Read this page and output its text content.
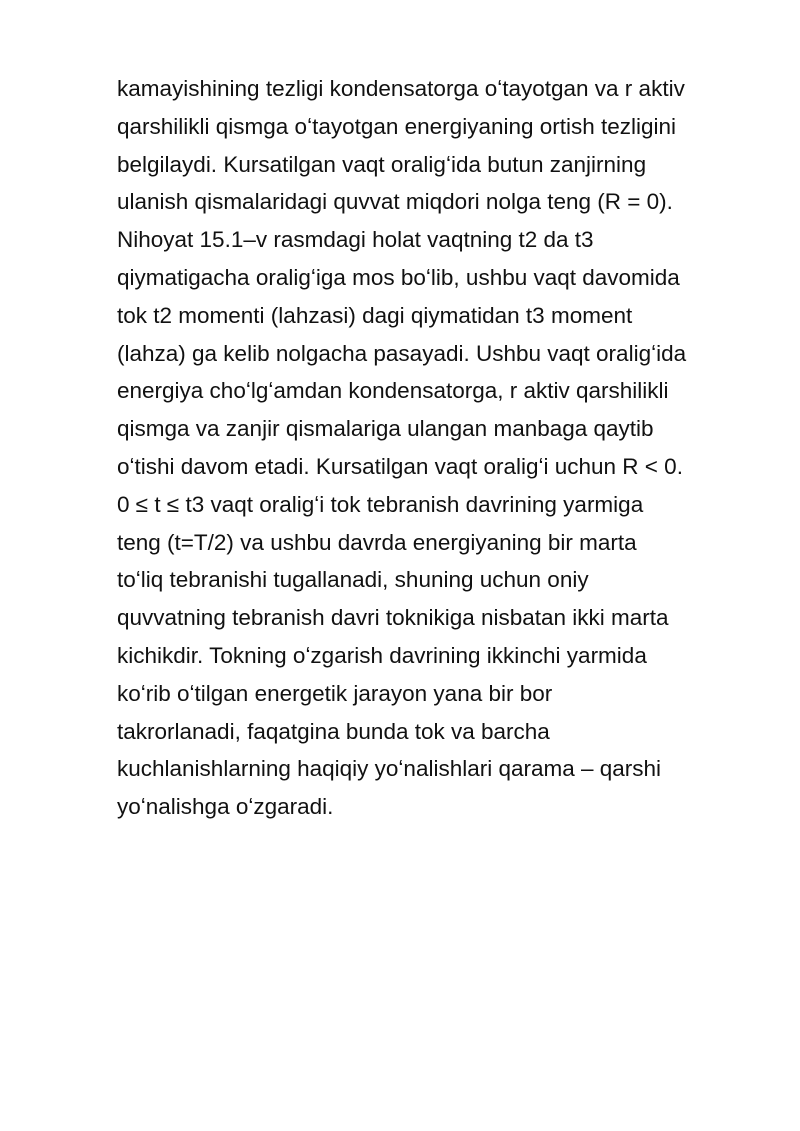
kamayishining tezligi kondensatorga oʻtayotgan va r aktiv
qarshilikli qismga oʻtayotgan energiyaning ortish tezligini
belgilaydi. Kursatilgan vaqt oraligʻida butun zanjirning
ulanish qismalaridagi quvvat miqdori nolga teng (R = 0).
Nihoyat 15.1–v rasmdagi holat vaqtning t2 da t3
qiymatigacha oraligʻiga mos boʻlib, ushbu vaqt davomida
tok t2 momenti (lahzasi) dagi qiymatidan t3 moment
(lahza) ga kelib nolgacha pasayadi. Ushbu vaqt oraligʻida
energiya choʻlgʻamdan kondensatorga, r aktiv qarshilikli
qismga va zanjir qismalariga ulangan manbaga qaytib
oʻtishi davom etadi. Kursatilgan vaqt oraligʻi uchun R < 0.
0 ≤ t ≤ t3 vaqt oraligʻi tok tebranish davrining yarmiga
teng (t=T/2) va ushbu davrda energiyaning bir marta
toʻliq tebranishi tugallanadi, shuning uchun oniy
quvvatning tebranish davri toknikiga nisbatan ikki marta
kichikdir. Tokning oʻzgarish davrining ikkinchi yarmida
koʻrib oʻtilgan energetik jarayon yana bir bor
takrorlanadi, faqatgina bunda tok va barcha
kuchlanishlarning haqiqiy yoʻnalishlari qarama – qarshi
yoʻnalishga oʻzgaradi.
